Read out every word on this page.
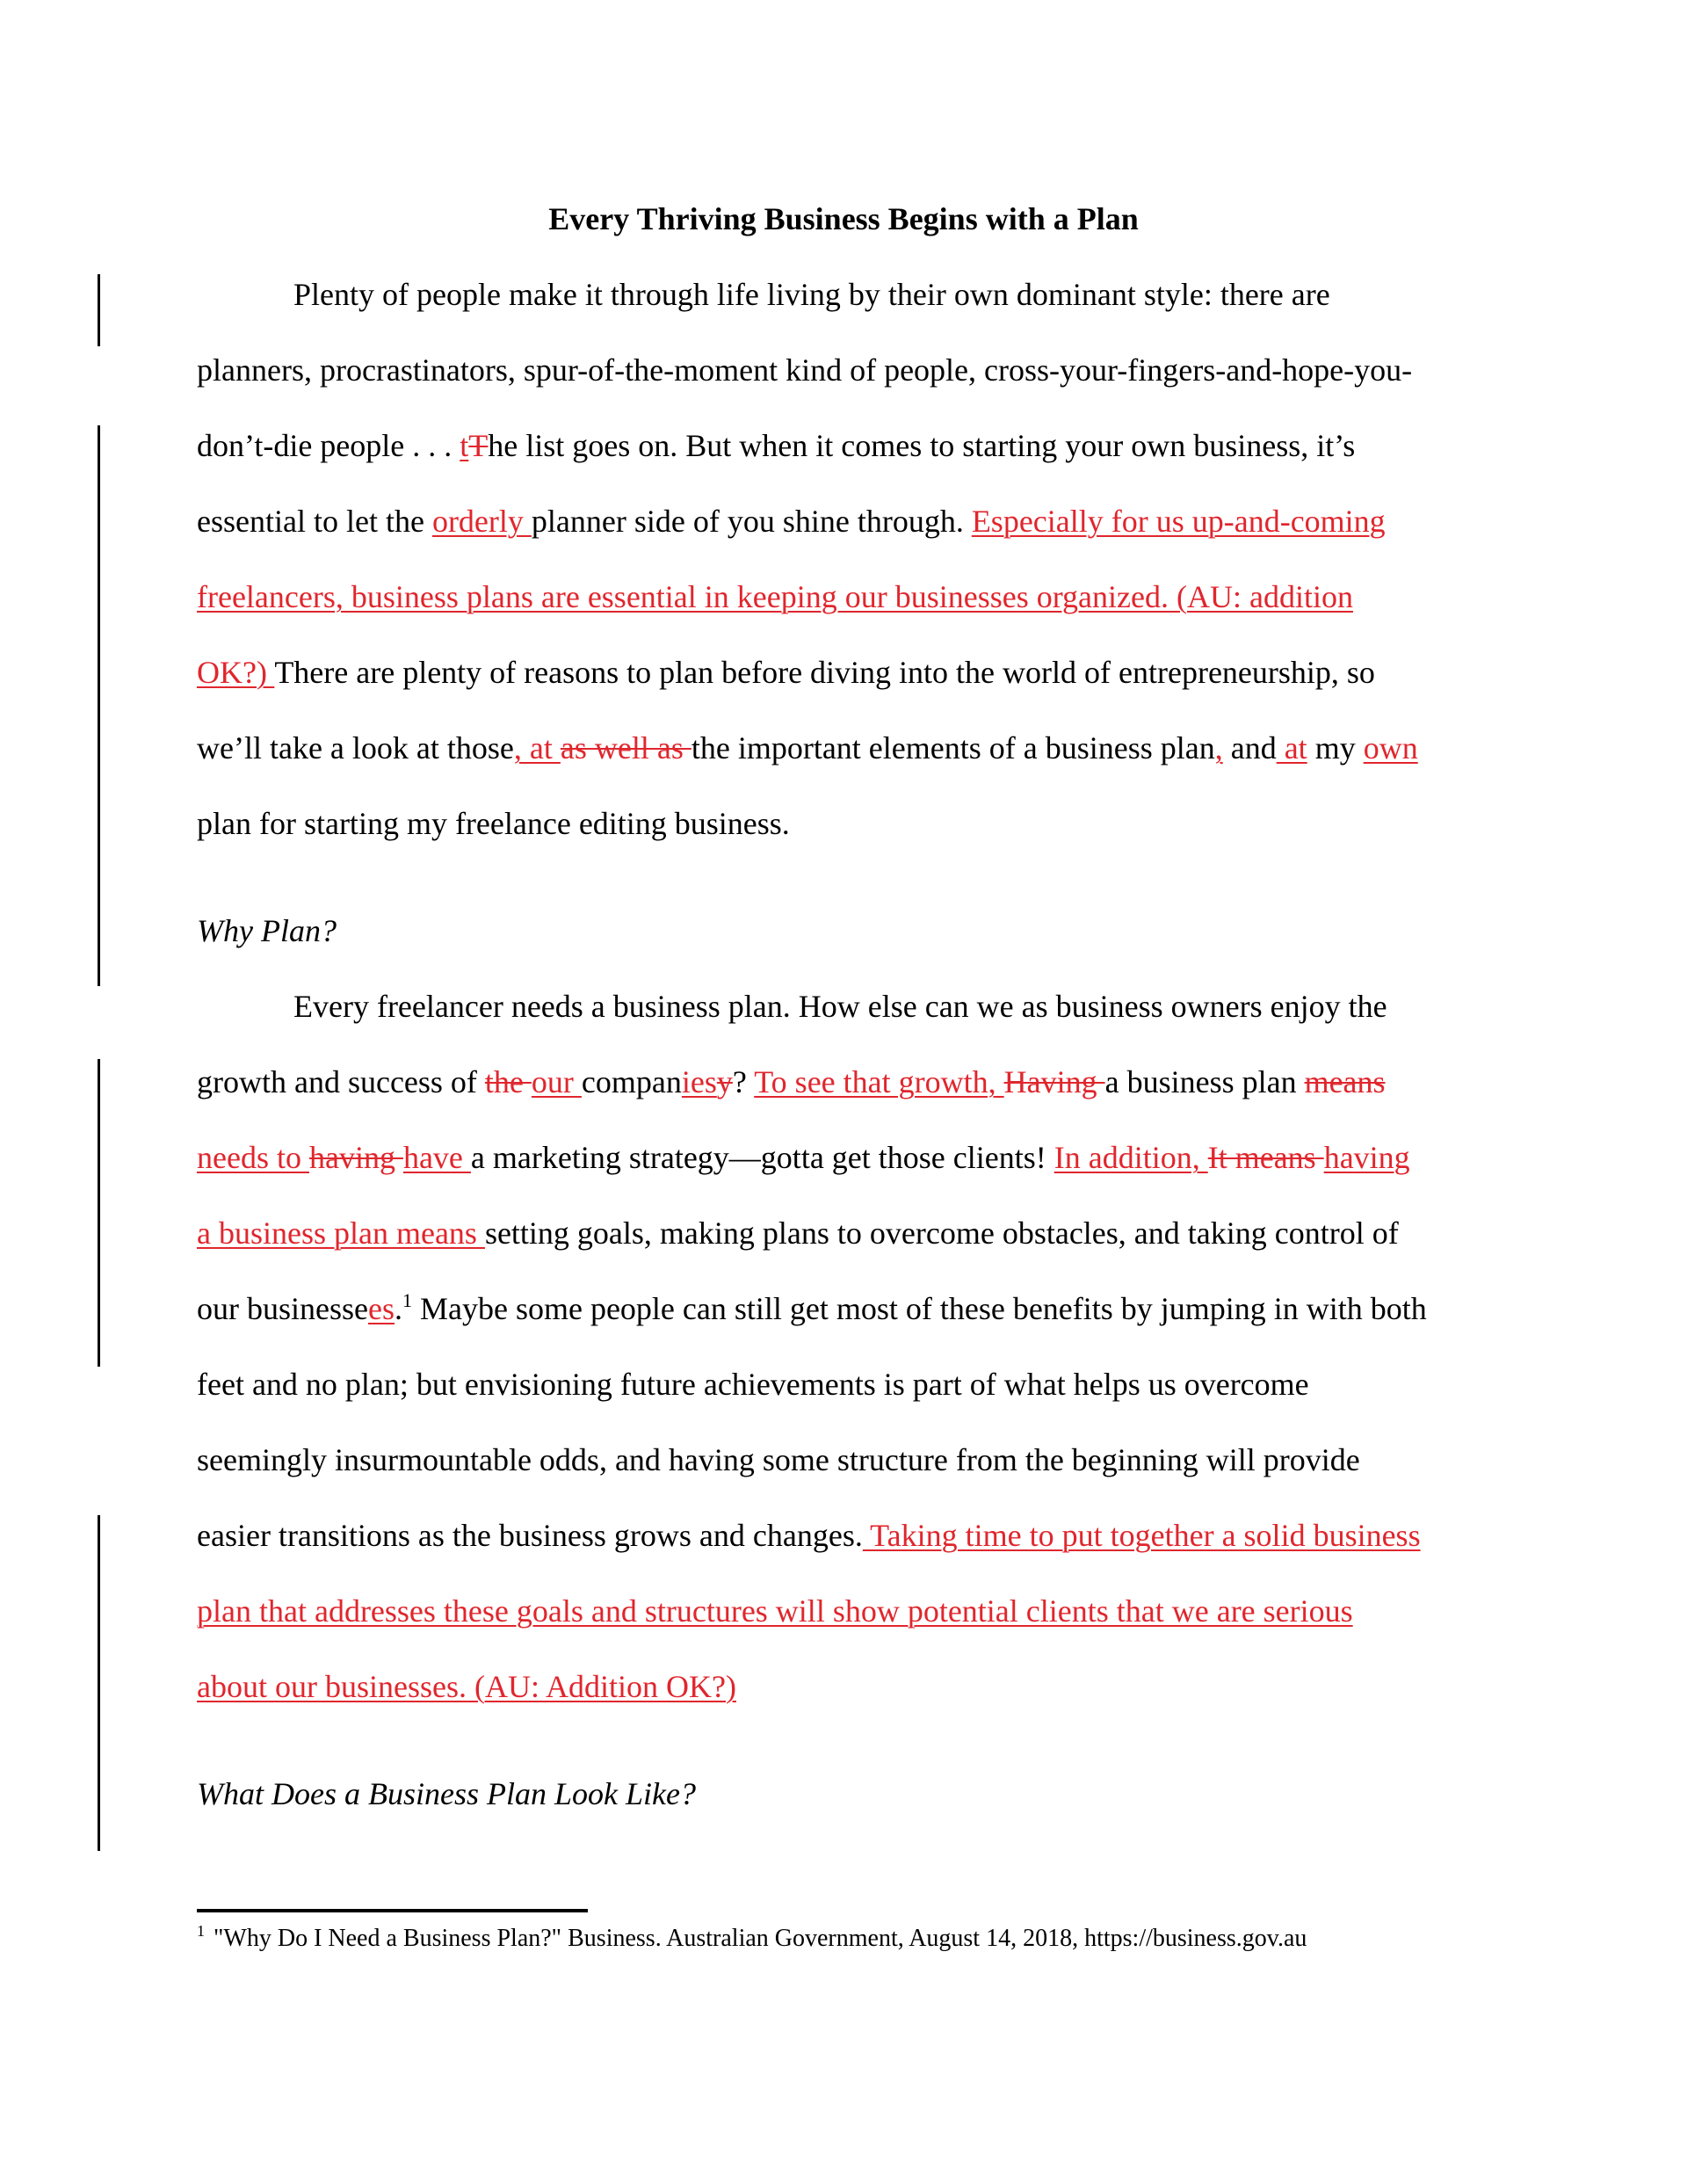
Every Thriving Business Begins with a Plan
Plenty of people make it through life living by their own dominant style: there are
planners, procrastinators, spur-of-the-moment kind of people, cross-your-fingers-and-hope-you-
don’t-die people . . . tThe list goes on. But when it comes to starting your own business, it’s
essential to let the orderly planner side of you shine through. Especially for us up-and-coming
freelancers, business plans are essential in keeping our businesses organized. (AU: addition
OK?) There are plenty of reasons to plan before diving into the world of entrepreneurship, so
we’ll take a look at those, at as well as the important elements of a business plan, and at my own
plan for starting my freelance editing business.
Why Plan?
Every freelancer needs a business plan. How else can we as business owners enjoy the
growth and success of the our companiesy? To see that growth, Having a business plan means
needs to having have a marketing strategy—gotta get those clients! In addition, It means having
a business plan means setting goals, making plans to overcome obstacles, and taking control of
our businessees.$^1$ Maybe some people can still get most of these benefits by jumping in with both
feet and no plan; but envisioning future achievements is part of what helps us overcome
seemingly insurmountable odds, and having some structure from the beginning will provide
easier transitions as the business grows and changes. Taking time to put together a solid business
plan that addresses these goals and structures will show potential clients that we are serious
about our businesses. (AU: Addition OK?)
What Does a Business Plan Look Like?
$^1$ "Why Do I Need a Business Plan?" Business. Australian Government, August 14, 2018, https://business.gov.au
